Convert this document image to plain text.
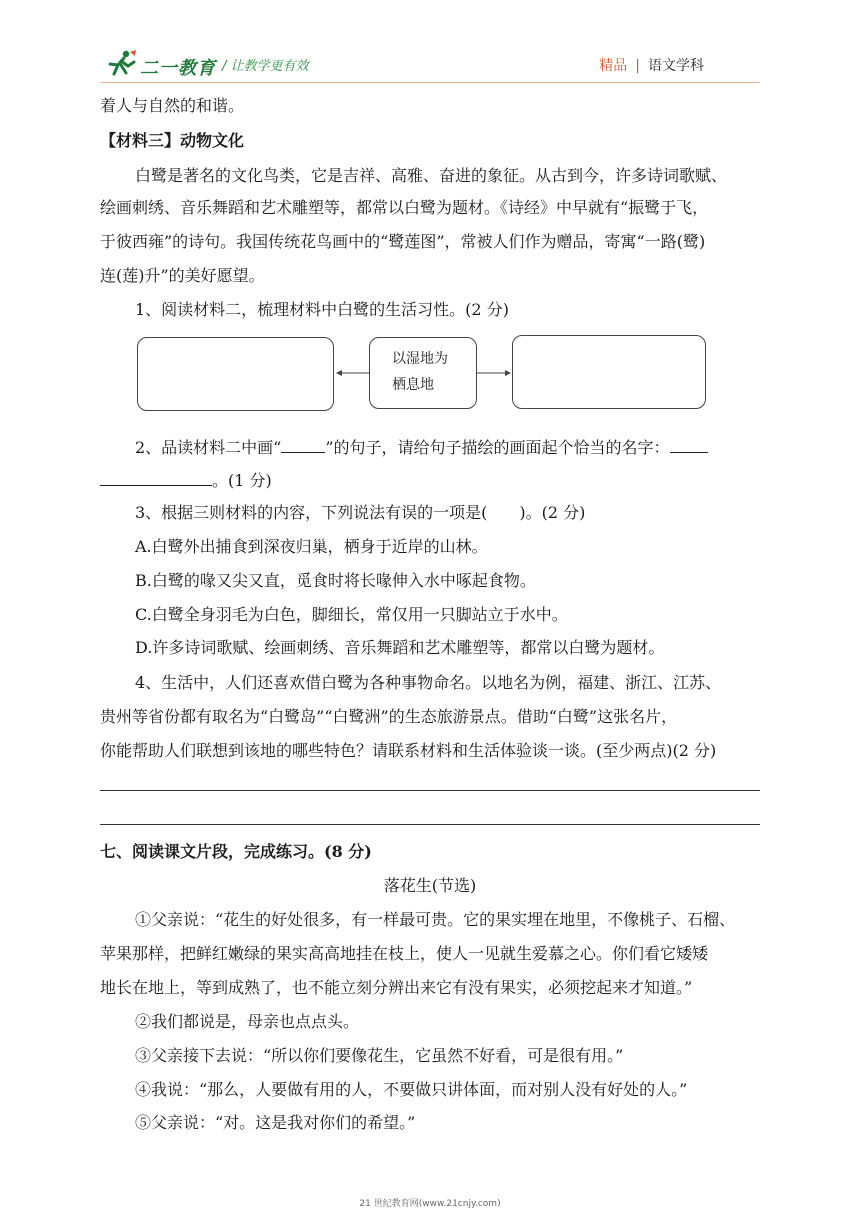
二一教育 / 让教学更有效	精品 | 语文学科
着人与自然的和谐。
【材料三】动物文化
白鹭是著名的文化鸟类，它是吉祥、高雅、奋进的象征。从古到今，许多诗词歌赋、
绘画刺绣、音乐舞蹈和艺术雕塑等，都常以白鹭为题材。《诗经》中早就有“振鹭于飞，
于彼西雍”的诗句。我国传统花鸟画中的“鹭莲图”，常被人们作为赠品，寄寓“一路(鹭)
连(莲)升”的美好愿望。
1、阅读材料二，梳理材料中白鹭的生活习性。(2 分)
以湿地为
栖息地
2、品读材料二中画“	”的句子，请给句子描绘的画面起个恰当的名字：
。(1 分)
3、根据三则材料的内容，下列说法有误的一项是(　　)。(2 分)
A.白鹭外出捕食到深夜归巢，栖身于近岸的山林。
B.白鹭的喙又尖又直，觅食时将长喙伸入水中啄起食物。
C.白鹭全身羽毛为白色，脚细长，常仅用一只脚站立于水中。
D.许多诗词歌赋、绘画刺绣、音乐舞蹈和艺术雕塑等，都常以白鹭为题材。
4、生活中，人们还喜欢借白鹭为各种事物命名。以地名为例，福建、浙江、江苏、
贵州等省份都有取名为“白鹭岛”“白鹭洲”的生态旅游景点。借助“白鹭”这张名片，
你能帮助人们联想到该地的哪些特色？请联系材料和生活体验谈一谈。(至少两点)(2 分)
七、阅读课文片段，完成练习。(8 分)
落花生(节选)
①父亲说：“花生的好处很多，有一样最可贵。它的果实埋在地里，不像桃子、石榴、
苹果那样，把鲜红嫩绿的果实高高地挂在枝上，使人一见就生爱慕之心。你们看它矮矮
地长在地上，等到成熟了，也不能立刻分辨出来它有没有果实，必须挖起来才知道。”
②我们都说是，母亲也点点头。
③父亲接下去说：“所以你们要像花生，它虽然不好看，可是很有用。”
④我说：“那么，人要做有用的人，不要做只讲体面，而对别人没有好处的人。”
⑤父亲说：“对。这是我对你们的希望。”
21 世纪教育网(www.21cnjy.com)
